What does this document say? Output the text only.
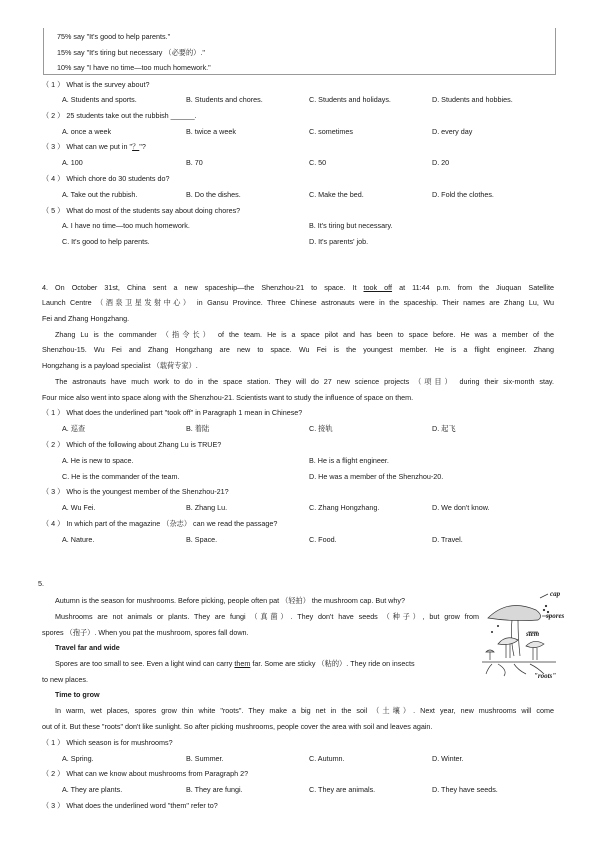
75% say "It's good to help parents."
15% say "It's tiring but necessary （必要的）."
10% say "I have no time—too much homework."
（ 1 ） What is the survey about?
A. Students and sports.	B. Students and chores.	C. Students and holidays.	D. Students and hobbies.
（ 2 ） 25 students take out the rubbish ______.
A. once a week	B. twice a week	C. sometimes	D. every day
（ 3 ） What can we put in "？"?
A. 100	B. 70	C. 50	D. 20
（ 4 ） Which chore do 30 students do?
A. Take out the rubbish.	B. Do the dishes.	C. Make the bed.	D. Fold the clothes.
（ 5 ） What do most of the students say about doing chores?
A. I have no time—too much homework.	B. It's tiring but necessary.
C. It's good to help parents.	D. It's parents' job.
4. On October 31st, China sent a new spaceship—the Shenzhou-21 to space. It took off at 11:44 p.m. from the Jiuquan Satellite
Launch Centre （酒泉卫星发射中心） in Gansu Province. Three Chinese astronauts were in the spaceship. Their names are Zhang Lu, Wu
Fei and Zhang Hongzhang.
Zhang Lu is the commander （指令长） of the team. He is a space pilot and has been to space before. He was a member of the
Shenzhou-15. Wu Fei and Zhang Hongzhang are new to space. Wu Fei is the youngest member. He is a flight engineer. Zhang
Hongzhang is a payload specialist （载荷专家）.
The astronauts have much work to do in the space station. They will do 27 new science projects （项目） during their six-month stay.
Four mice also went into space along with the Shenzhou-21. Scientists want to study the influence of space on them.
（ 1 ） What does the underlined part "took off" in Paragraph 1 mean in Chinese?
A. 巡查	B. 着陆	C. 接轨	D. 起飞
（ 2 ） Which of the following about Zhang Lu is TRUE?
A. He is new to space.	B. He is a flight engineer.
C. He is the commander of the team.	D. He was a member of the Shenzhou-20.
（ 3 ） Who is the youngest member of the Shenzhou-21?
A. Wu Fei.	B. Zhang Lu.	C. Zhang Hongzhang.	D. We don't know.
（ 4 ） In which part of the magazine （杂志） can we read the passage?
A. Nature.	B. Space.	C. Food.	D. Travel.
5.
Autumn is the season for mushrooms. Before picking, people often pat （轻拍） the mushroom cap. But why?
Mushrooms are not animals or plants. They are fungi （真菌）. They don't have seeds （种子）, but grow from
spores （孢子）. When you pat the mushroom, spores fall down.
Travel far and wide
Spores are too small to see. Even a light wind can carry them far. Some are sticky （粘的）. They ride on insects
to new places.
Time to grow
In warm, wet places, spores grow thin white "roots". They make a big net in the soil （土壤）. Next year, new mushrooms will come
out of it. But these "roots" don't like sunlight. So after picking mushrooms, people cover the area with soil and leaves again.
cap
spores
stem
"roots"
（ 1 ） Which season is for mushrooms?
A. Spring.	B. Summer.	C. Autumn.	D. Winter.
（ 2 ） What can we know about mushrooms from Paragraph 2?
A. They are plants.	B. They are fungi.	C. They are animals.	D. They have seeds.
（ 3 ） What does the underlined word "them" refer to?
